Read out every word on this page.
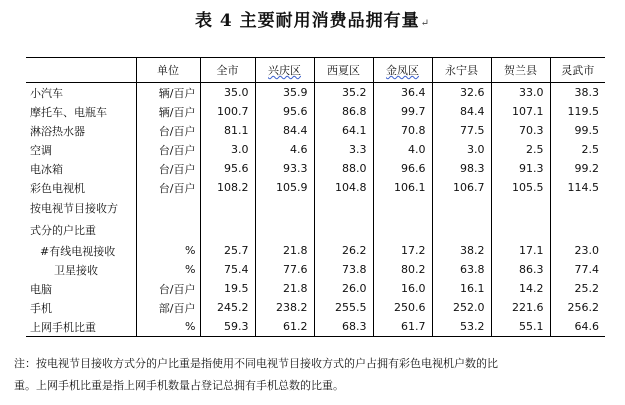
表 4 主要耐用消费品拥有量↵
	单位	全市	兴庆区	西夏区	金凤区	永宁县	贺兰县	灵武市
小汽车	辆/百户	35.0	35.9	35.2	36.4	32.6	33.0	38.3
摩托车、电瓶车	辆/百户	100.7	95.6	86.8	99.7	84.4	107.1	119.5
淋浴热水器	台/百户	81.1	84.4	64.1	70.8	77.5	70.3	99.5
空调	台/百户	3.0	4.6	3.3	4.0	3.0	2.5	2.5
电冰箱	台/百户	95.6	93.3	88.0	96.6	98.3	91.3	99.2
彩色电视机	台/百户	108.2	105.9	104.8	106.1	106.7	105.5	114.5
按电视节目接收方								
式分的户比重								
#有线电视接收	%	25.7	21.8	26.2	17.2	38.2	17.1	23.0
卫星接收	%	75.4	77.6	73.8	80.2	63.8	86.3	77.4
电脑	台/百户	19.5	21.8	26.0	16.0	16.1	14.2	25.2
手机	部/百户	245.2	238.2	255.5	250.6	252.0	221.6	256.2
上网手机比重	%	59.3	61.2	68.3	61.7	53.2	55.1	64.6
注：按电视节目接收方式分的户比重是指使用不同电视节目接收方式的户占拥有彩色电视机户数的比
重。上网手机比重是指上网手机数量占登记总拥有手机总数的比重。
